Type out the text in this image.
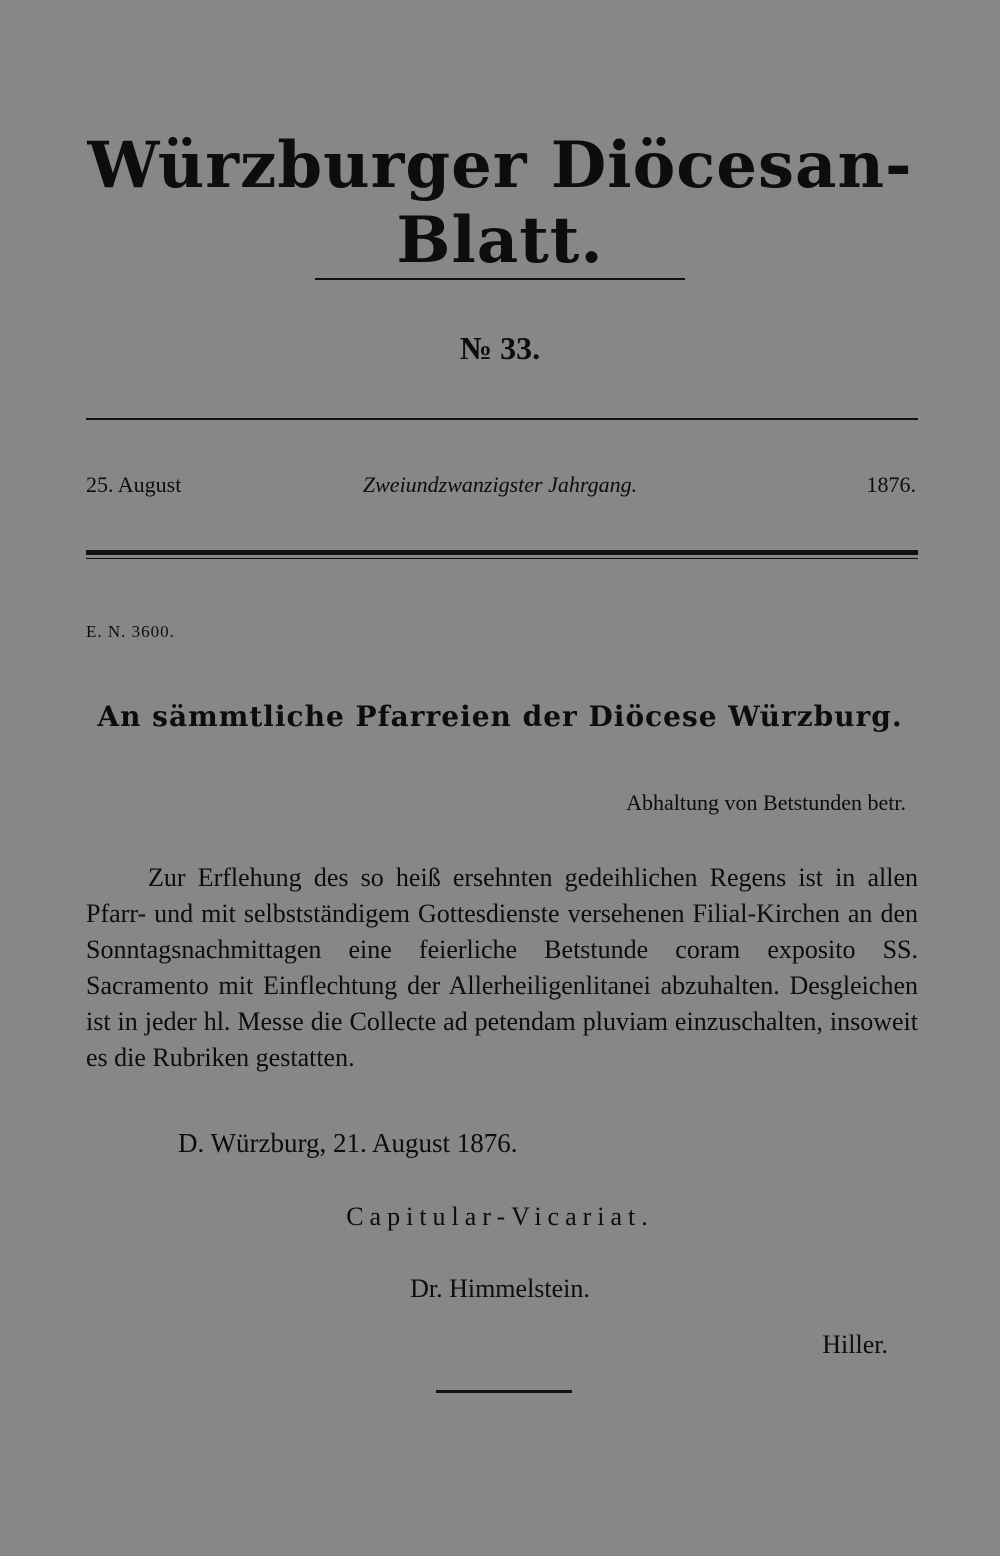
Würzburger Diöcesan-Blatt.
№ 33.
25. August	Zweiundzwanzigster Jahrgang.	1876.
E. N. 3600.
An sämmtliche Pfarreien der Diöcese Würzburg.
Abhaltung von Betstunden betr.

Zur Erflehung des so heiß ersehnten gedeihlichen Regens ist in allen Pfarr- und mit selbstständigem Gottesdienste versehenen Filial-Kirchen an den Sonntagsnachmittagen eine feierliche Betstunde coram exposito SS. Sacramento mit Einflechtung der Allerheiligenlitanei abzuhalten. Desgleichen ist in jeder hl. Messe die Collecte ad petendam pluviam einzuschalten, insoweit es die Rubriken gestatten.

D. Würzburg, 21. August 1876.
Capitular-Vicariat.
Dr. Himmelstein.
Hiller.
